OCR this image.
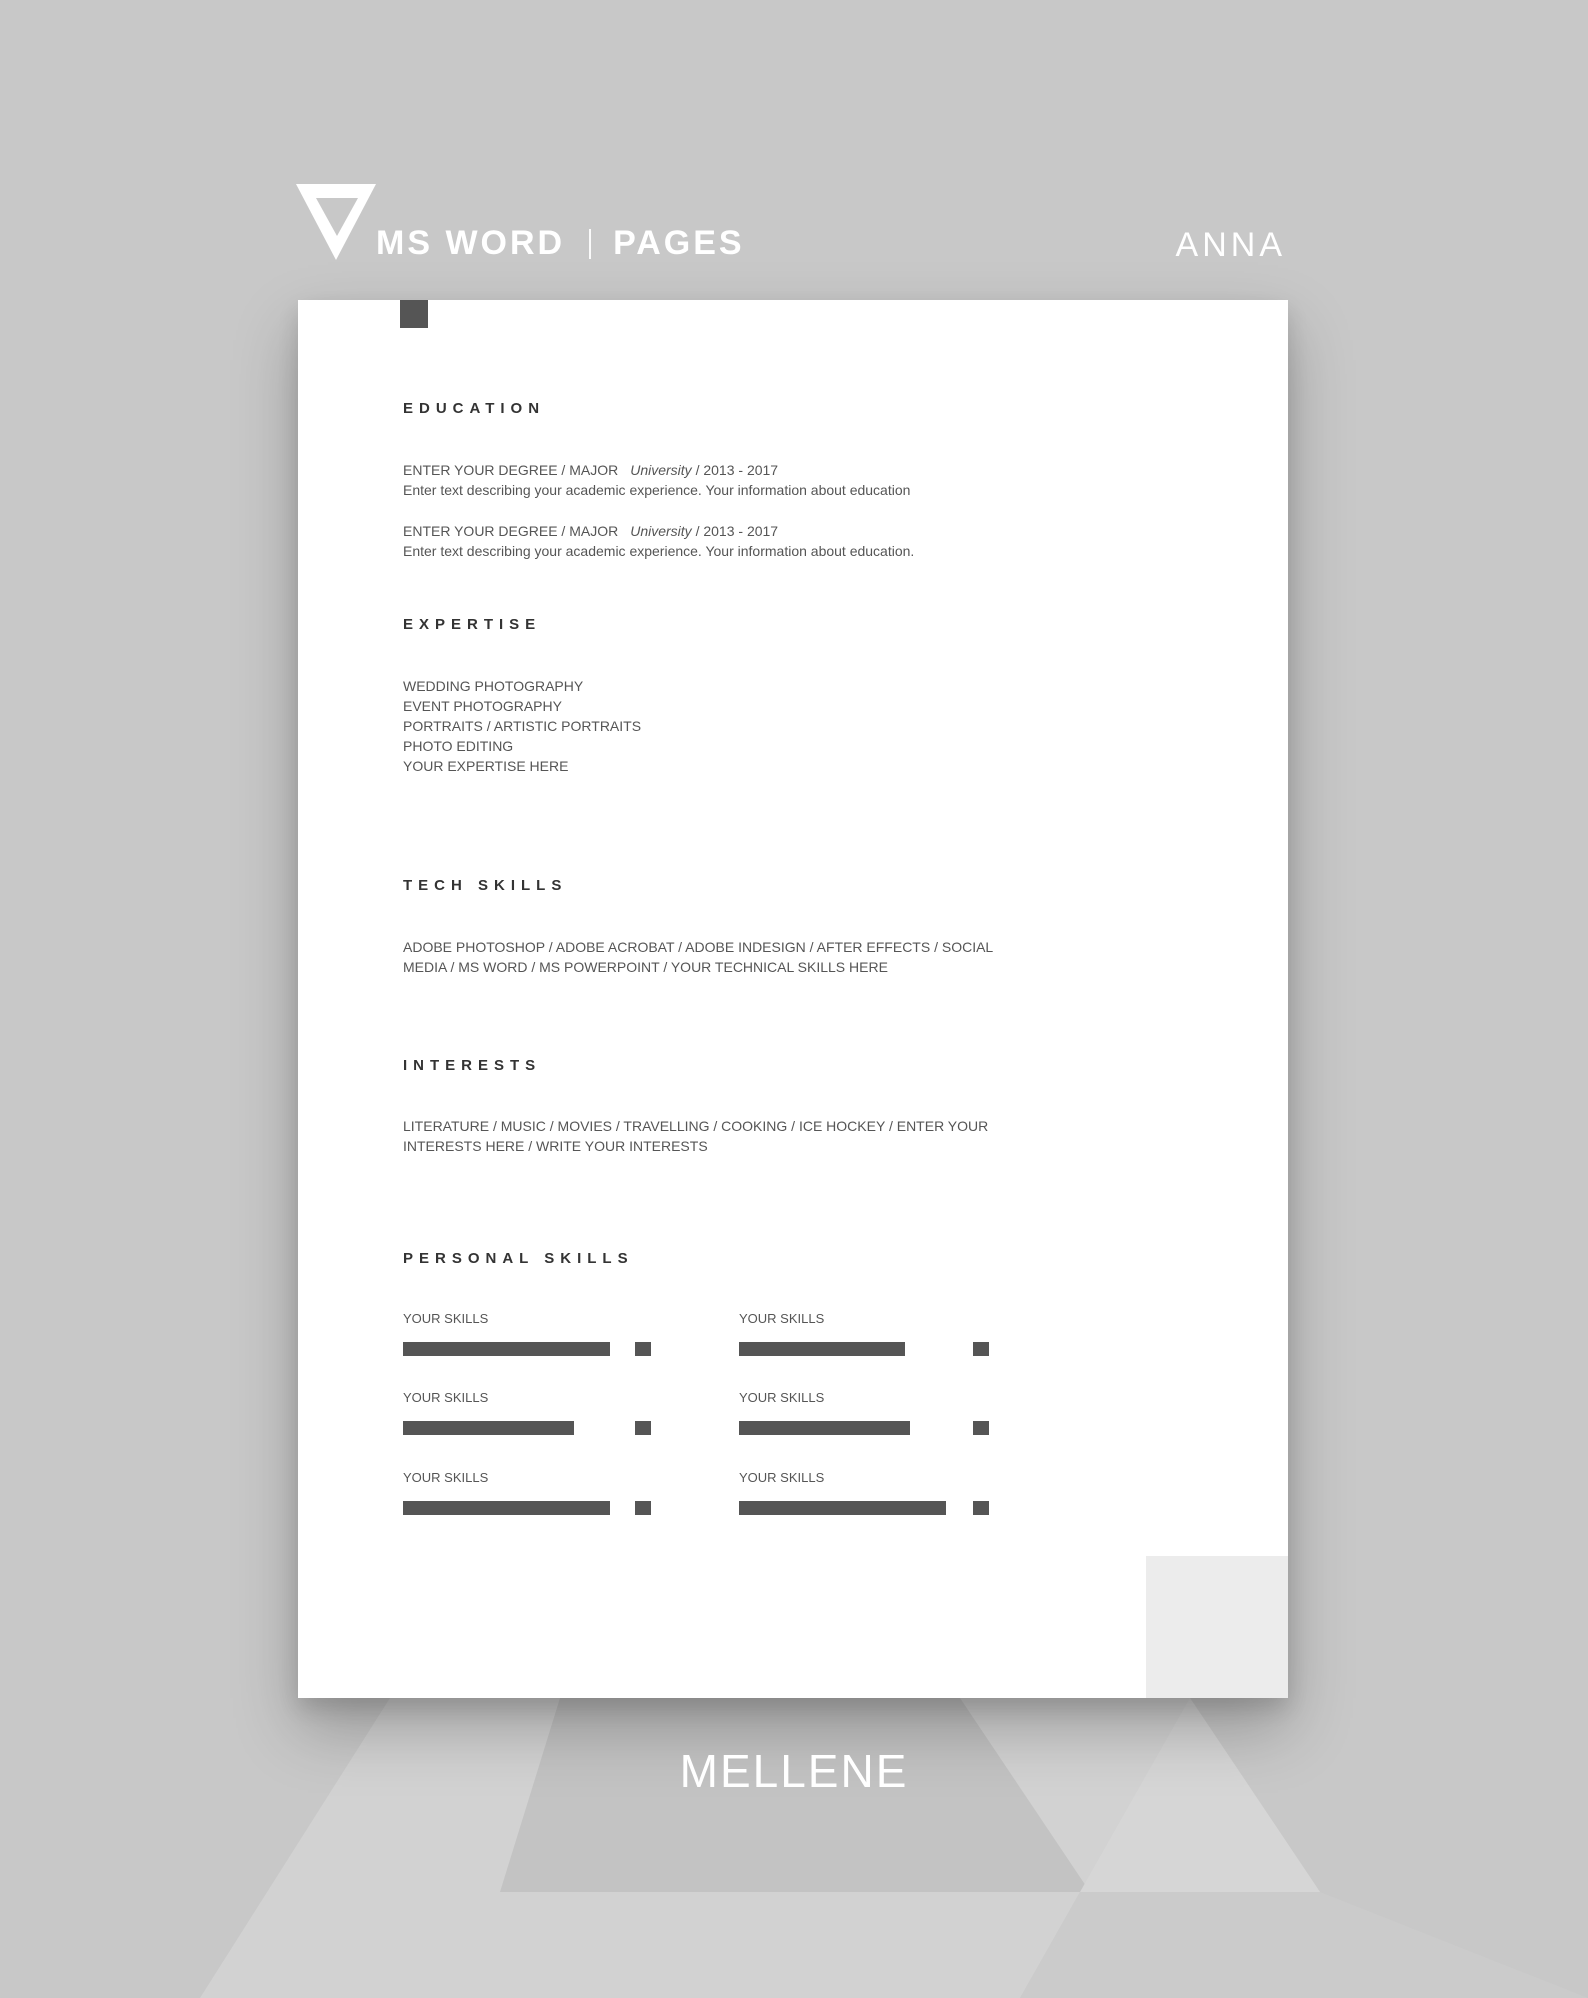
MS WORD PAGES	ANNA
EDUCATION
ENTER YOUR DEGREE / MAJOR University / 2013 - 2017
Enter text describing your academic experience. Your information about education
ENTER YOUR DEGREE / MAJOR University / 2013 - 2017
Enter text describing your academic experience. Your information about education.
EXPERTISE
WEDDING PHOTOGRAPHY
EVENT PHOTOGRAPHY
PORTRAITS / ARTISTIC PORTRAITS
PHOTO EDITING
YOUR EXPERTISE HERE
TECH SKILLS
ADOBE PHOTOSHOP / ADOBE ACROBAT / ADOBE INDESIGN / AFTER EFFECTS / SOCIAL
MEDIA / MS WORD / MS POWERPOINT / YOUR TECHNICAL SKILLS HERE
INTERESTS
LITERATURE / MUSIC / MOVIES / TRAVELLING / COOKING / ICE HOCKEY / ENTER YOUR
INTERESTS HERE / WRITE YOUR INTERESTS
PERSONAL SKILLS
YOUR SKILLS	YOUR SKILLS
YOUR SKILLS	YOUR SKILLS
YOUR SKILLS	YOUR SKILLS
MELLENE
